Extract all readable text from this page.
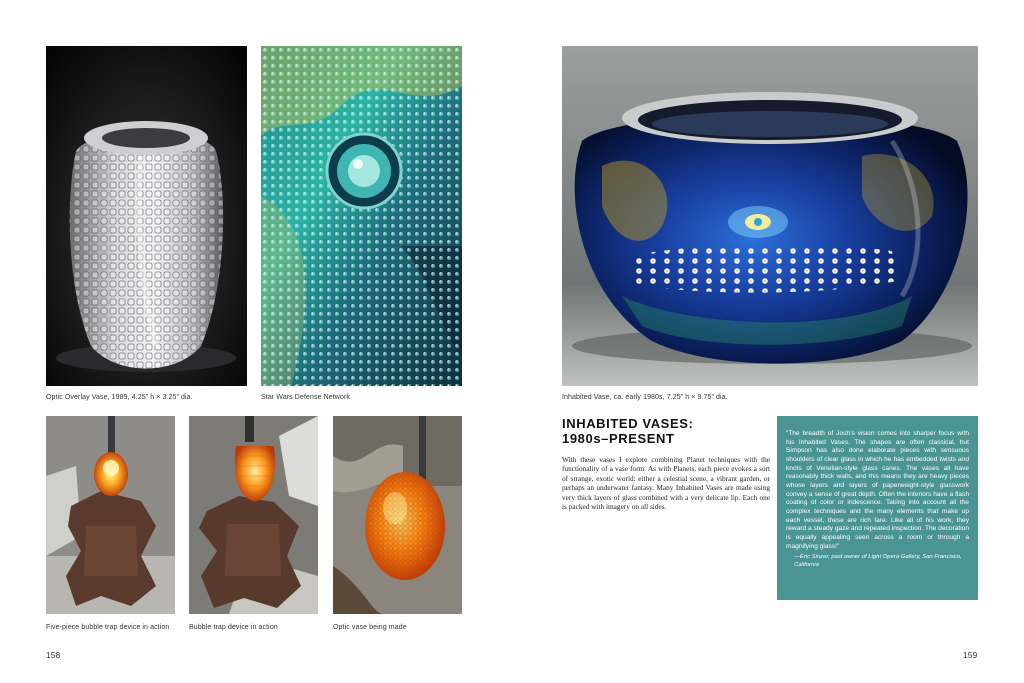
Optic Overlay Vase, 1989, 4.25” h × 3.25” dia.	Star Wars Defense Network
Five-piece bubble trap device in action	Bubble trap device in action	Optic vase being made
158
Inhabited Vase, ca. early 1980s, 7.25” h × 9.75” dia.
INHABITED VASES:
1980s–PRESENT

With these vases I explore combining Planet techniques with the functionality of a vase form. As with Planets, each piece evokes a sort of strange, exotic world: either a celestial scene, a vibrant garden, or perhaps an underwater fantasy. Many Inhabited Vases are made using very thick layers of glass combined with a very delicate lip. Each one is packed with imagery on all sides.

“The breadth of Josh’s vision comes into sharper focus with his Inhabited Vases. The shapes are often classical, but Simpson has also done elaborate pieces with sensuous shoulders of clear glass in which he has embedded twists and knots of Venetian-style glass canes. The vases all have reasonably thick walls, and this means they are heavy pieces whose layers and layers of paperweight-style glasswork convey a sense of great depth. Often the interiors have a flash coating of color or iridescence. Taking into account all the complex techniques and the many elements that make up each vessel, these are rich fare. Like all of his work, they reward a steady gaze and repeated inspection. The decoration is equally appealing seen across a room or through a magnifying glass!”

—Eric Sinzer, past owner of Light Opera Gallery, San Francisco, California

159
